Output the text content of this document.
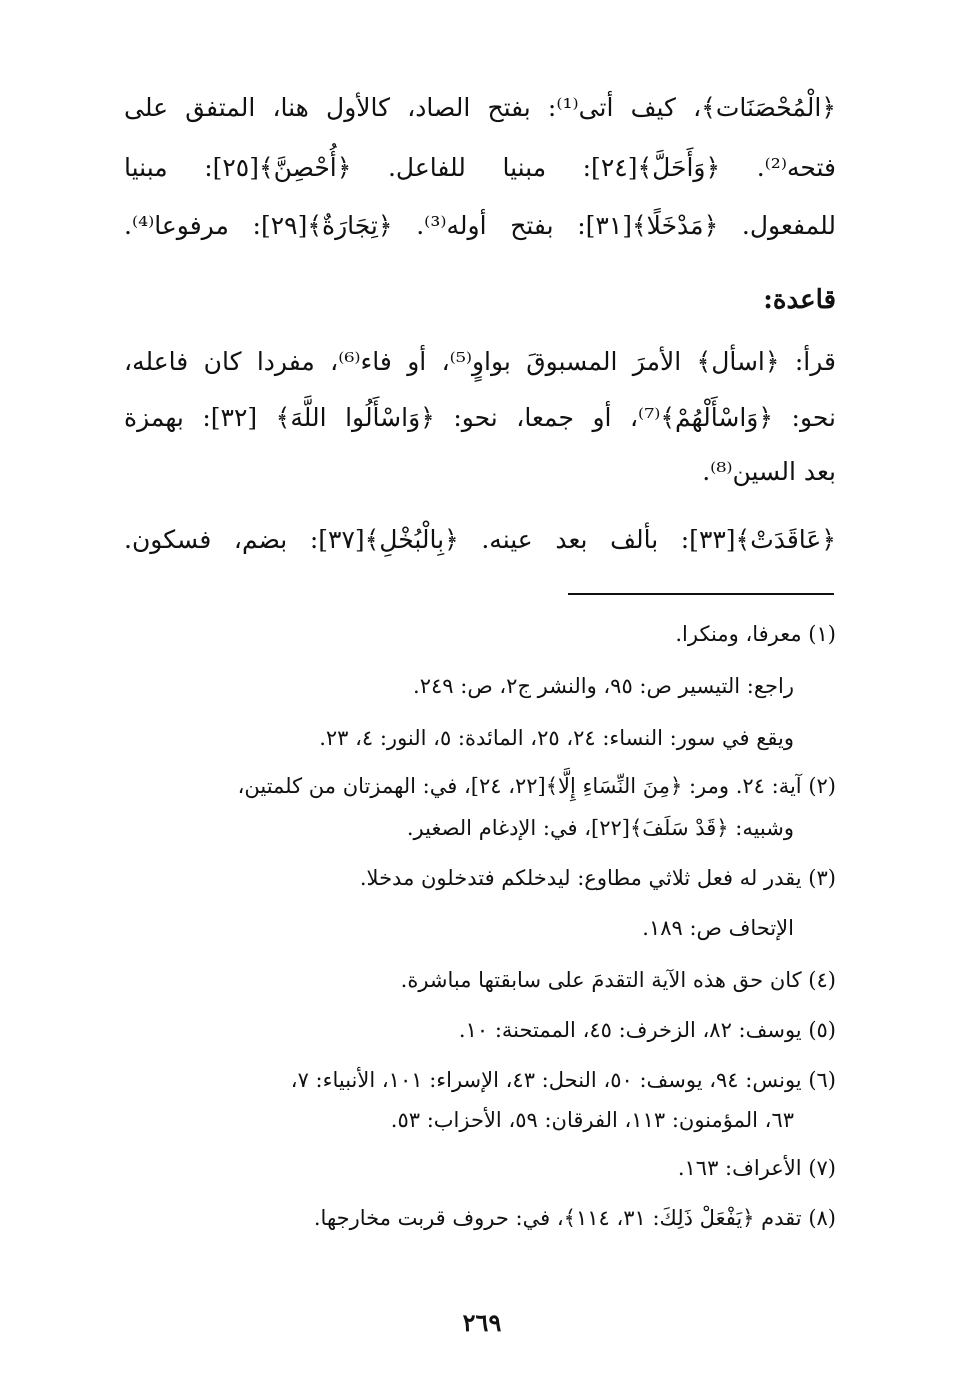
﴿الْمُحْصَنَات﴾، كيف أتى⁽¹⁾: بفتح الصاد، كالأول هنا، المتفق على
فتحه⁽²⁾. ﴿وَأَحَلَّ﴾[٢٤]: مبنيا للفاعل. ﴿أُحْصِنَّ﴾[٢٥]: مبنيا
للمفعول. ﴿مَدْخَلًا﴾[٣١]: بفتح أوله⁽³⁾. ﴿تِجَارَةٌ﴾[٢٩]: مرفوعا⁽⁴⁾.
قاعدة:
قرأ: ﴿اسأل﴾ الأمرَ المسبوقَ بواوٍ⁽⁵⁾، أو فاء⁽⁶⁾، مفردا كان فاعله،
نحو: ﴿وَاسْأَلْهُمْ﴾⁽⁷⁾، أو جمعا، نحو: ﴿وَاسْأَلُوا اللَّهَ﴾ [٣٢]: بهمزة
بعد السين⁽⁸⁾.
﴿عَاقَدَتْ﴾[٣٣]: بألف بعد عينه. ﴿بِالْبُخْلِ﴾[٣٧]: بضم، فسكون.
(١) معرفا، ومنكرا.
راجع: التيسير ص: ٩٥، والنشر ج٢، ص: ٢٤٩.
ويقع في سور: النساء: ٢٤، ٢٥، المائدة: ٥، النور: ٤، ٢٣.
(٢) آية: ٢٤. ومر: ﴿مِنَ النِّسَاءِ إِلَّا﴾[٢٢، ٢٤]، في: الهمزتان من كلمتين،
وشبيه: ﴿قَدْ سَلَفَ﴾[٢٢]، في: الإدغام الصغير.
(٣) يقدر له فعل ثلاثي مطاوع: ليدخلكم فتدخلون مدخلا.
الإتحاف ص: ١٨٩.
(٤) كان حق هذه الآية التقدمَ على سابقتها مباشرة.
(٥) يوسف: ٨٢، الزخرف: ٤٥، الممتحنة: ١٠.
(٦) يونس: ٩٤، يوسف: ٥٠، النحل: ٤٣، الإسراء: ١٠١، الأنبياء: ٧،
٦٣، المؤمنون: ١١٣، الفرقان: ٥٩، الأحزاب: ٥٣.
(٧) الأعراف: ١٦٣.
(٨) تقدم ﴿يَفْعَلْ ذَلِكَ: ٣١، ١١٤﴾، في: حروف قربت مخارجها.
٢٦٩
